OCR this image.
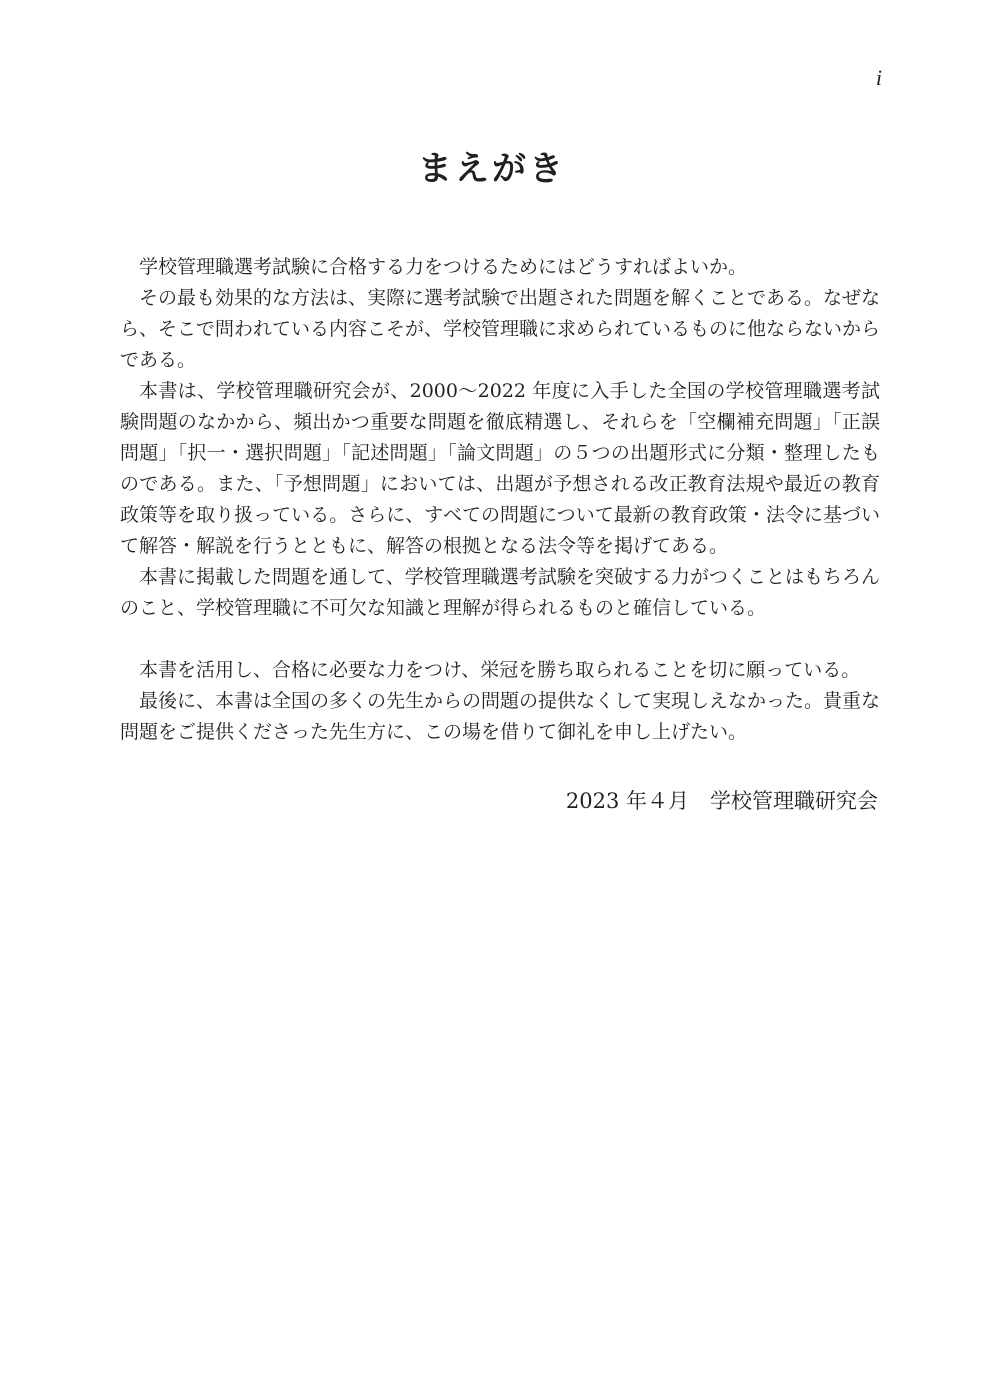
i
まえがき

学校管理職選考試験に合格する力をつけるためにはどうすればよいか。

その最も効果的な方法は、実際に選考試験で出題された問題を解くことである。なぜなら、そこで問われている内容こそが、学校管理職に求められているものに他ならないからである。

本書は、学校管理職研究会が、2000～2022 年度に入手した全国の学校管理職選考試験問題のなかから、頻出かつ重要な問題を徹底精選し、それらを「空欄補充問題」「正誤問題」「択一・選択問題」「記述問題」「論文問題」の５つの出題形式に分類・整理したものである。また、「予想問題」においては、出題が予想される改正教育法規や最近の教育政策等を取り扱っている。さらに、すべての問題について最新の教育政策・法令に基づいて解答・解説を行うとともに、解答の根拠となる法令等を掲げてある。

本書に掲載した問題を通して、学校管理職選考試験を突破する力がつくことはもちろんのこと、学校管理職に不可欠な知識と理解が得られるものと確信している。

本書を活用し、合格に必要な力をつけ、栄冠を勝ち取られることを切に願っている。

最後に、本書は全国の多くの先生からの問題の提供なくして実現しえなかった。貴重な問題をご提供くださった先生方に、この場を借りて御礼を申し上げたい。

2023 年４月　 学校管理職研究会
